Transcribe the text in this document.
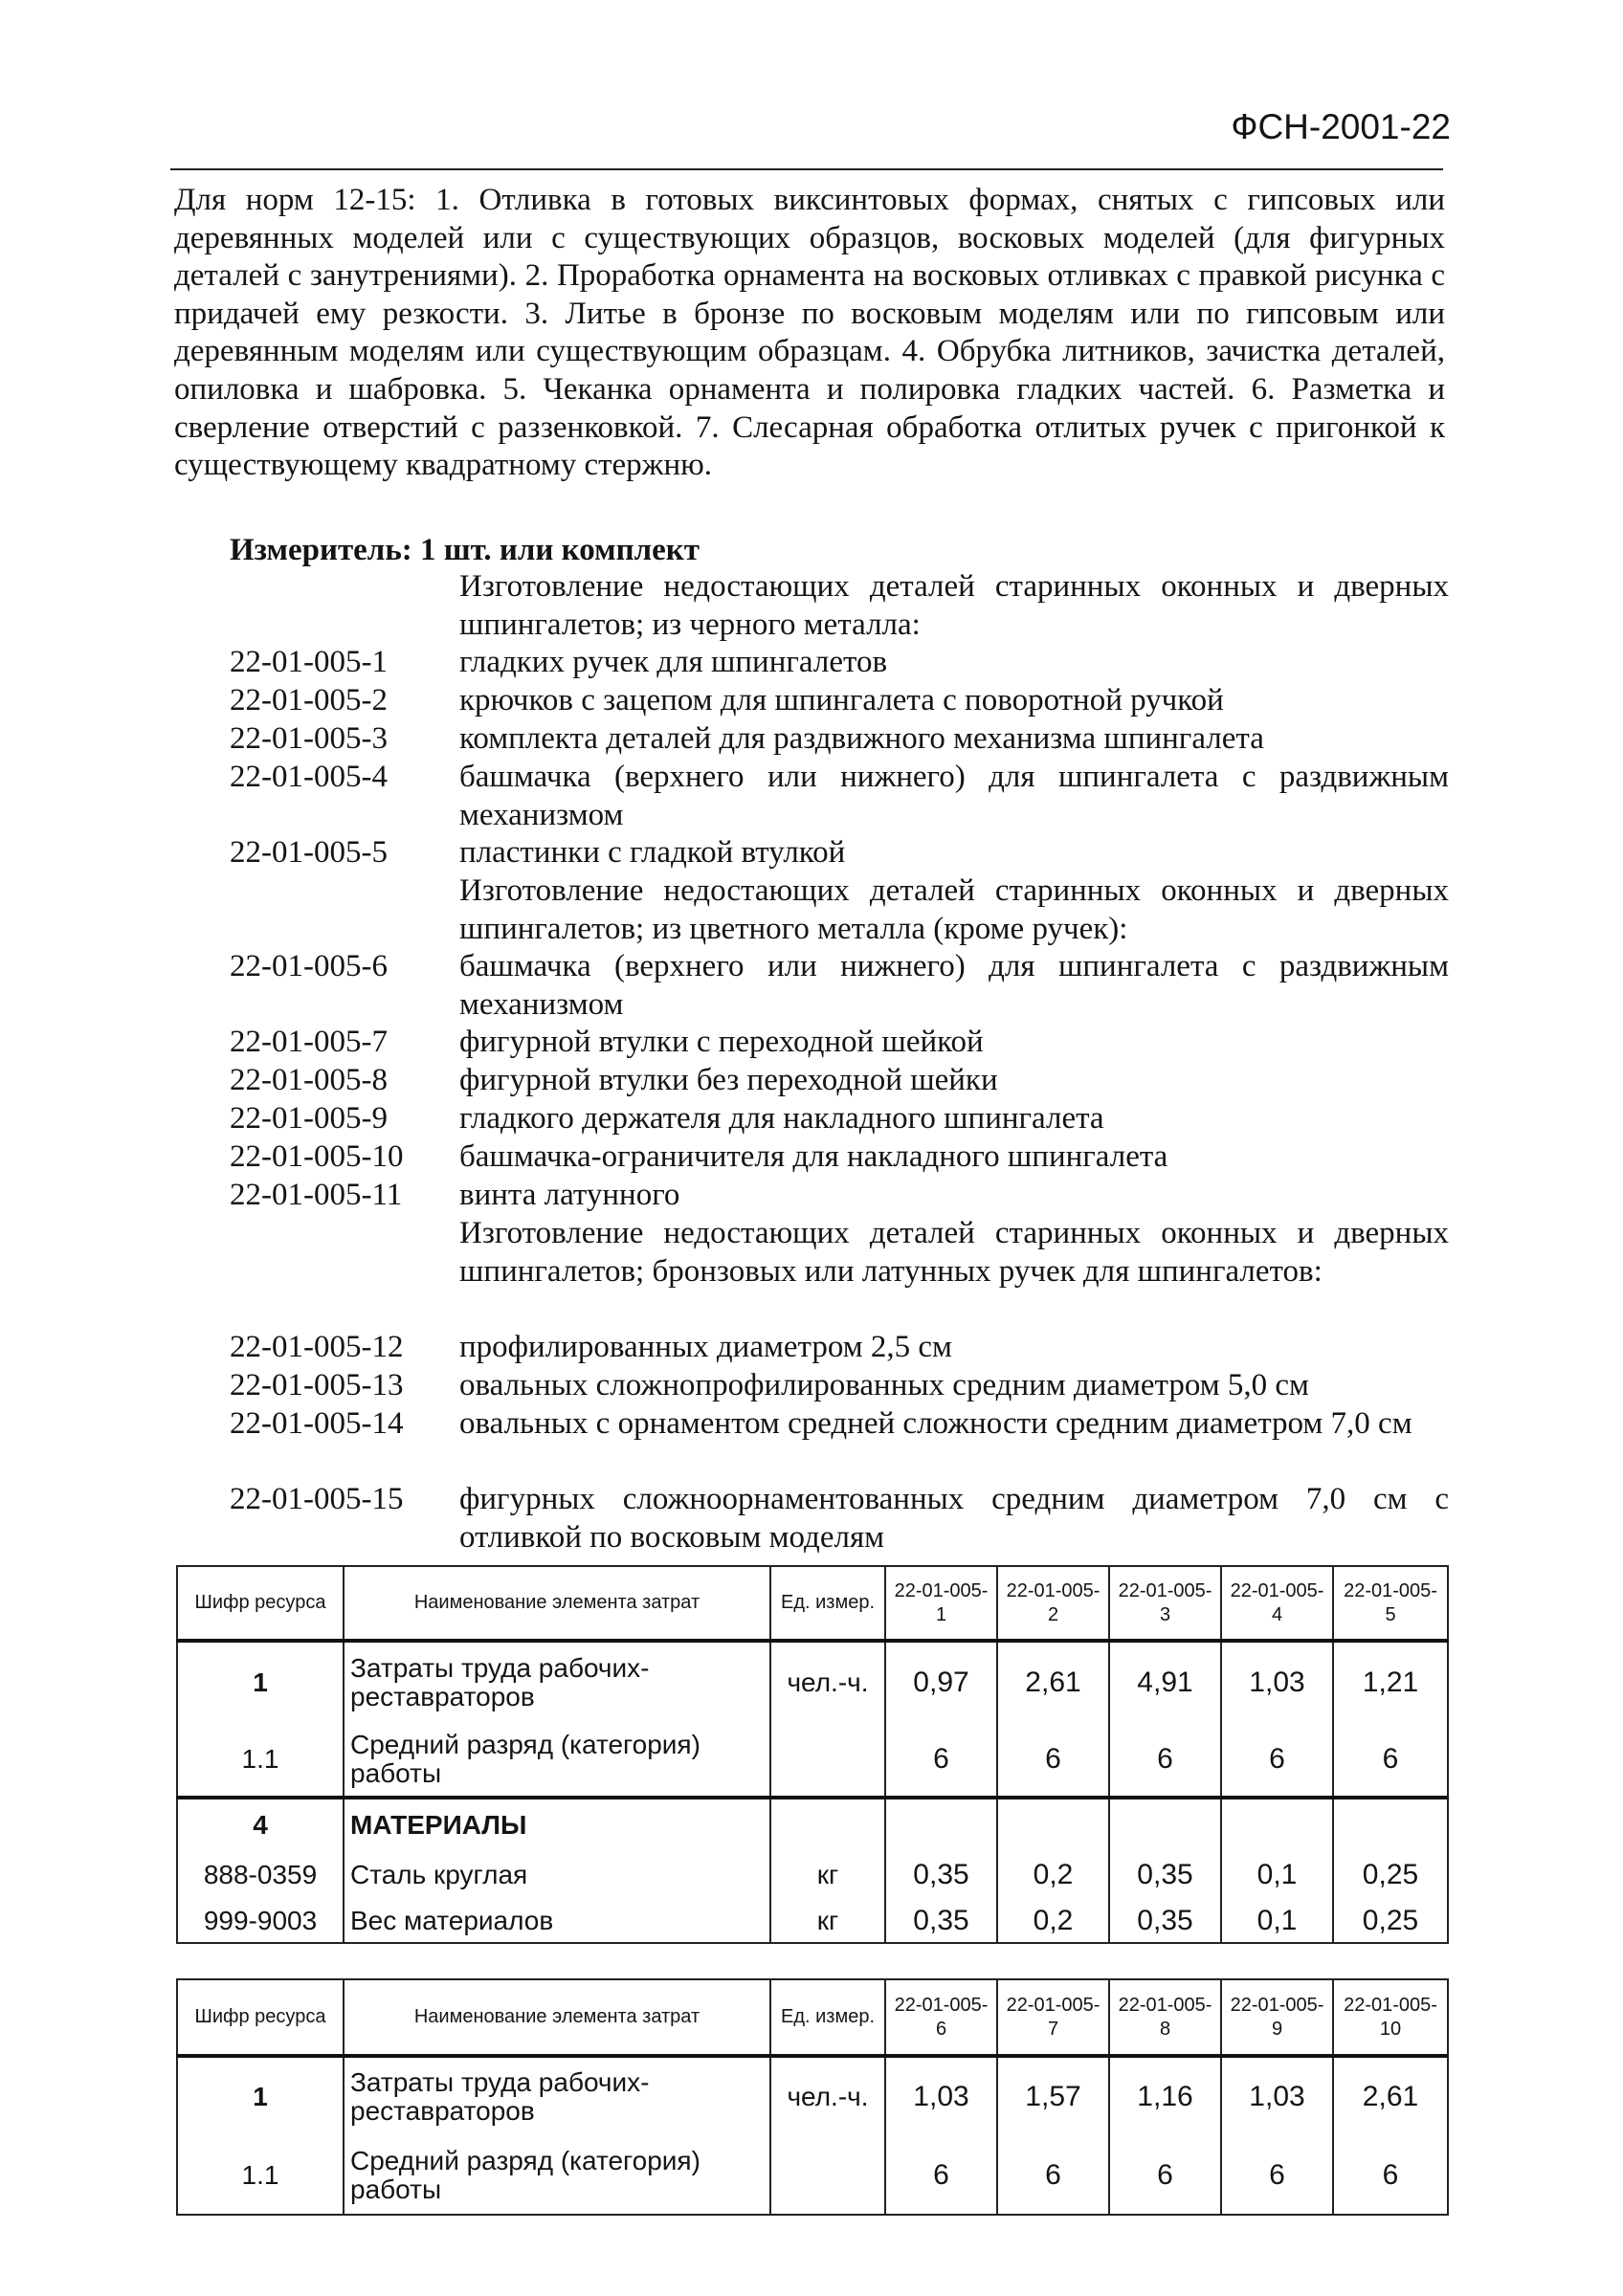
ФСН-2001-22
Для норм 12-15: 1. Отливка в готовых виксинтовых формах, снятых с гипсовых или деревянных моделей или с существующих образцов, восковых моделей (для фигурных деталей с занутрениями). 2. Проработка орнамента на восковых отливках с правкой рисунка с придачей ему резкости. 3. Литье в бронзе по восковым моделям или по гипсовым или деревянным моделям или существующим образцам. 4. Обрубка литников, зачистка деталей, опиловка и шабровка. 5. Чеканка орнамента и полировка гладких частей. 6. Разметка и сверление отверстий с раззенковкой. 7. Слесарная обработка отлитых ручек с пригонкой к существующему квадратному стержню.
Измеритель: 1 шт. или комплект
Изготовление недостающих деталей старинных оконных и дверных шпингалетов; из черного металла:
22-01-005-1 гладких ручек для шпингалетов
22-01-005-2 крючков с зацепом для шпингалета с поворотной ручкой
22-01-005-3 комплекта деталей для раздвижного механизма шпингалета
22-01-005-4 башмачка (верхнего или нижнего) для шпингалета с раздвижным механизмом
22-01-005-5 пластинки с гладкой втулкой
Изготовление недостающих деталей старинных оконных и дверных шпингалетов; из цветного металла (кроме ручек):
22-01-005-6 башмачка (верхнего или нижнего) для шпингалета с раздвижным механизмом
22-01-005-7 фигурной втулки с переходной шейкой
22-01-005-8 фигурной втулки без переходной шейки
22-01-005-9 гладкого держателя для накладного шпингалета
22-01-005-10 башмачка-ограничителя для накладного шпингалета
22-01-005-11 винта латунного
Изготовление недостающих деталей старинных оконных и дверных шпингалетов; бронзовых или латунных ручек для шпингалетов:
22-01-005-12 профилированных диаметром 2,5 см
22-01-005-13 овальных сложнопрофилированных средним диаметром 5,0 см
22-01-005-14 овальных с орнаментом средней сложности средним диаметром 7,0 см
22-01-005-15 фигурных сложноорнаментованных средним диаметром 7,0 см с отливкой по восковым моделям
Шифр ресурса	Наименование элемента затрат	Ед. измер.	22-01-005-1	22-01-005-2	22-01-005-3	22-01-005-4	22-01-005-5
1	Затраты труда рабочих-реставраторов	чел.-ч.	0,97	2,61	4,91	1,03	1,21
1.1	Средний разряд (категория) работы		6	6	6	6	6
4	МАТЕРИАЛЫ						
888-0359	Сталь круглая	кг	0,35	0,2	0,35	0,1	0,25
999-9003	Вес материалов	кг	0,35	0,2	0,35	0,1	0,25
Шифр ресурса	Наименование элемента затрат	Ед. измер.	22-01-005-6	22-01-005-7	22-01-005-8	22-01-005-9	22-01-005-10
1	Затраты труда рабочих-реставраторов	чел.-ч.	1,03	1,57	1,16	1,03	2,61
1.1	Средний разряд (категория) работы		6	6	6	6	6
